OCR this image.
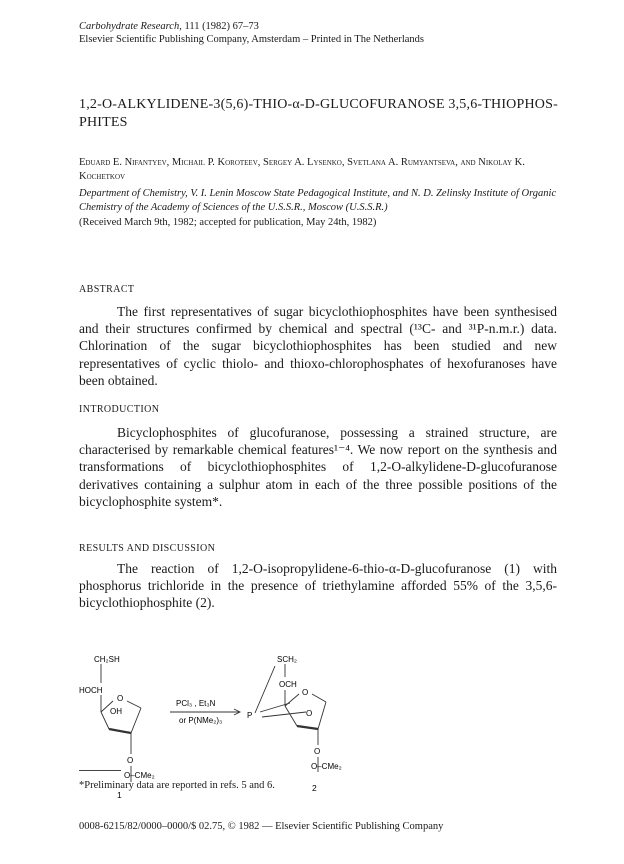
Carbohydrate Research, 111 (1982) 67–73
Elsevier Scientific Publishing Company, Amsterdam – Printed in The Netherlands
1,2-O-ALKYLIDENE-3(5,6)-THIO-α-D-GLUCOFURANOSE 3,5,6-THIOPHOS-PHITES
Eduard E. Nifantyev, Michail P. Koroteev, Sergey A. Lysenko, Svetlana A. Rumyantseva, and Nikolay K. Kochetkov
Department of Chemistry, V. I. Lenin Moscow State Pedagogical Institute, and N. D. Zelinsky Institute of Organic Chemistry of the Academy of Sciences of the U.S.S.R., Moscow (U.S.S.R.)
(Received March 9th, 1982; accepted for publication, May 24th, 1982)
ABSTRACT

The first representatives of sugar bicyclothiophosphites have been synthesised and their structures confirmed by chemical and spectral (¹³C- and ³¹P-n.m.r.) data. Chlorination of the sugar bicyclothiophosphites has been studied and new representatives of cyclic thiolo- and thioxo-chlorophosphates of hexofuranoses have been obtained.

INTRODUCTION

Bicyclophosphites of glucofuranose, possessing a strained structure, are characterised by remarkable chemical features¹⁻⁴. We now report on the synthesis and transformations of bicyclothiophosphites of 1,2-O-alkylidene-D-glucofuranose derivatives containing a sulphur atom in each of the three possible positions of the bicyclophosphite system*.

RESULTS AND DISCUSSION

The reaction of 1,2-O-isopropylidene-6-thio-α-D-glucofuranose (1) with phosphorus trichloride in the presence of triethylamine afforded 55% of the 3,5,6-bicyclothiophosphite (2).

CH₂SH
HOCH
O
OH
O
O–CMe₂
1
PCl₃ , Et₃N
or P(NMe₂)₃
SCH₂
OCH
O
P	O
O
O–CMe₂
2
*Preliminary data are reported in refs. 5 and 6.
0008-6215/82/0000–0000/$ 02.75, © 1982 — Elsevier Scientific Publishing Company
